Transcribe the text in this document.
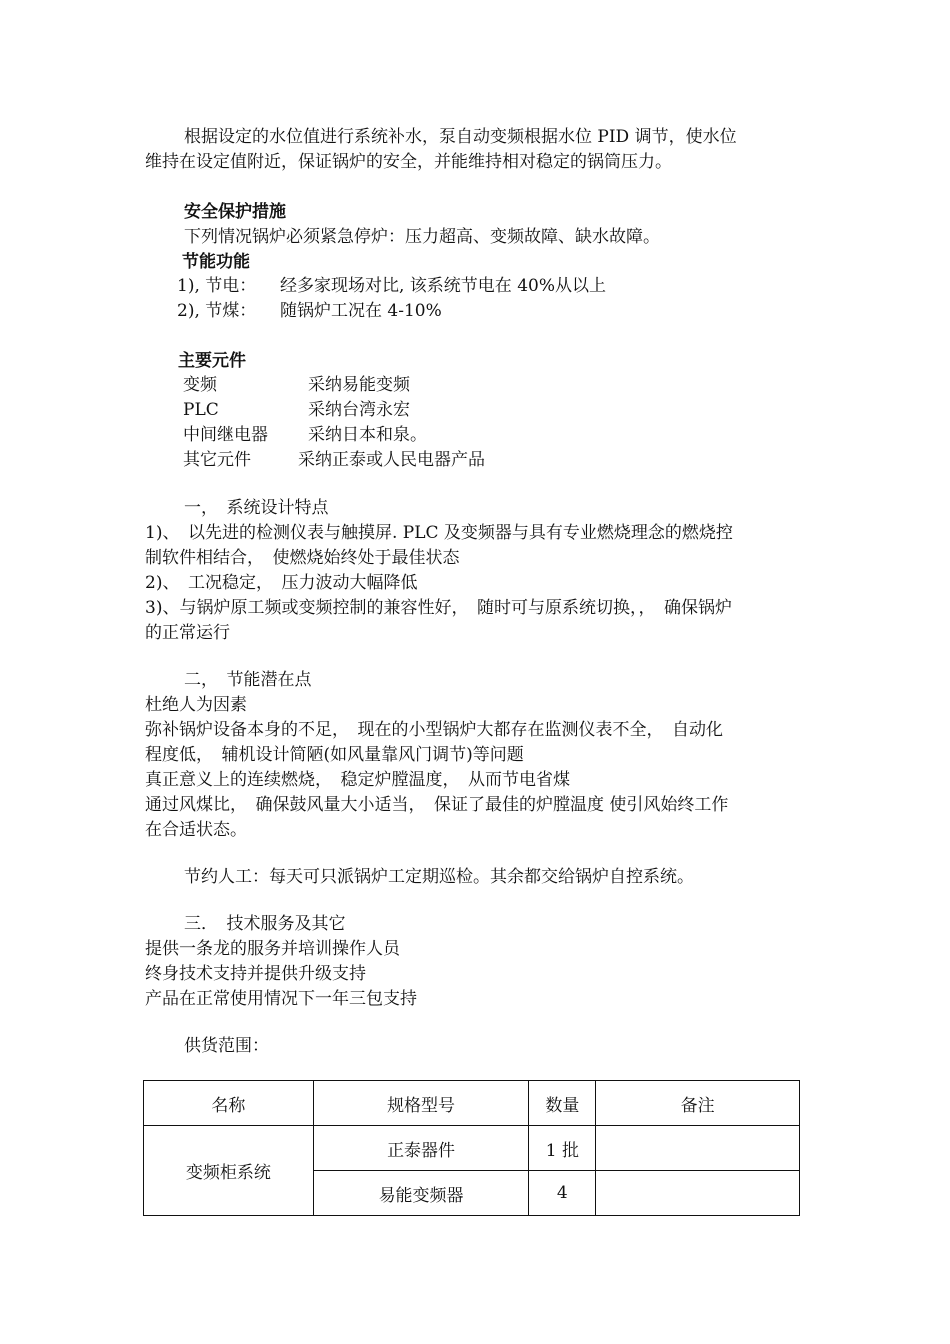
根据设定的水位值进行系统补水，泵自动变频根据水位 PID 调节，使水位
维持在设定值附近，保证锅炉的安全，并能维持相对稳定的锅筒压力。
安全保护措施
下列情况锅炉必须紧急停炉：压力超高、变频故障、缺水故障。
节能功能
1), 节电： 经多家现场对比, 该系统节电在 40%从以上
2), 节煤： 随锅炉工况在 4-10%
主要元件
变频	采纳易能变频
PLC	采纳台湾永宏
中间继电器 采纳日本和泉。
其它元件	采纳正泰或人民电器产品
一，　系统设计特点
1)、　以先进的检测仪表与触摸屏. PLC 及变频器与具有专业燃烧理念的燃烧控
制软件相结合，　使燃烧始终处于最佳状态
2)、　工况稳定，　压力波动大幅降低
3)、与锅炉原工频或变频控制的兼容性好，　随时可与原系统切换，，　确保锅炉
的正常运行
二，　节能潜在点
杜绝人为因素
弥补锅炉设备本身的不足，　现在的小型锅炉大都存在监测仪表不全，　自动化
程度低，　辅机设计简陋(如风量靠风门调节)等问题
真正意义上的连续燃烧，　稳定炉膛温度，　从而节电省煤
通过风煤比，　确保鼓风量大小适当，　保证了最佳的炉膛温度 使引风始终工作
在合适状态。
节约人工：每天可只派锅炉工定期巡检。其余都交给锅炉自控系统。
三．　技术服务及其它
提供一条龙的服务并培训操作人员
终身技术支持并提供升级支持
产品在正常使用情况下一年三包支持
供货范围：
名称	规格型号	数量	备注
变频柜系统	正泰器件	1 批	
	易能变频器	4	
